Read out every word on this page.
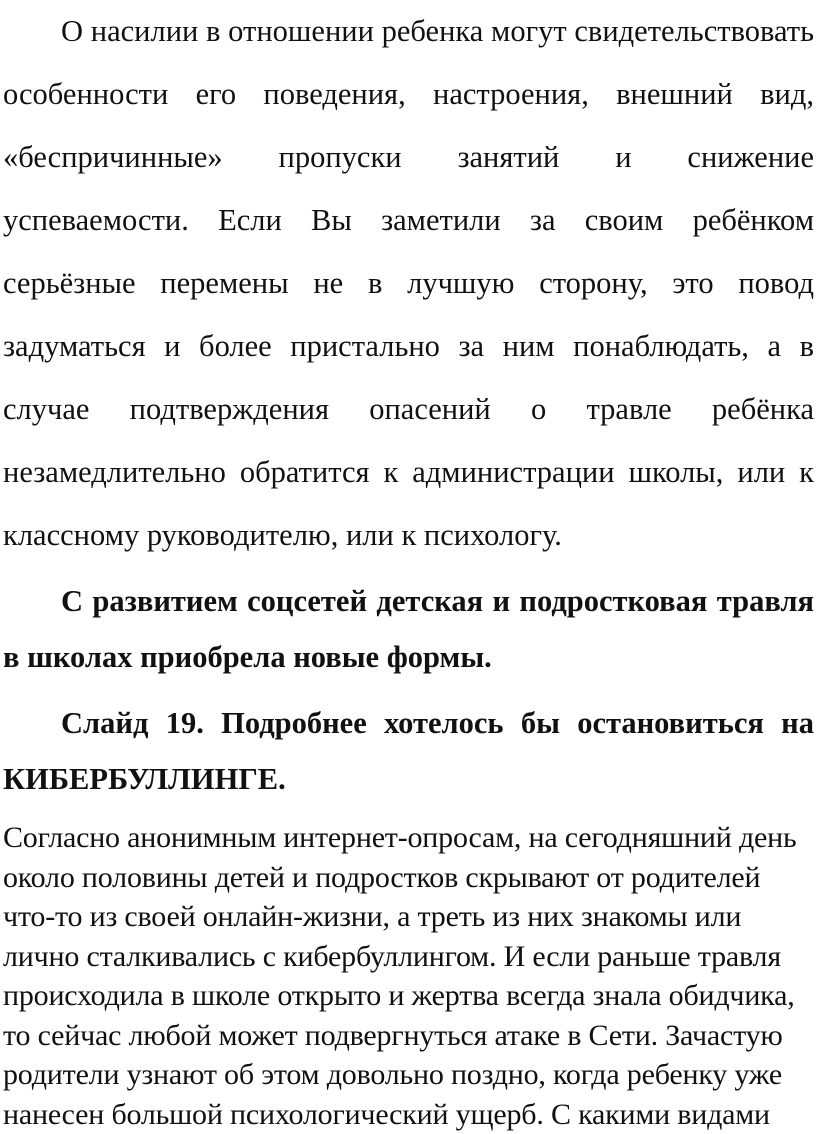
О насилии в отношении ребенка могут свидетельствовать особенности его поведения, настроения, внешний вид, «беспричинные» пропуски занятий и снижение успеваемости. Если Вы заметили за своим ребёнком серьёзные перемены не в лучшую сторону, это повод задуматься и более пристально за ним понаблюдать, а в случае подтверждения опасений о травле ребёнка незамедлительно обратится к администрации школы, или к классному руководителю, или к психологу.

С развитием соцсетей детская и подростковая травля в школах приобрела новые формы.

Слайд 19. Подробнее хотелось бы остановиться на КИБЕРБУЛЛИНГЕ.

Согласно анонимным интернет-опросам, на сегодняшний день около половины детей и подростков скрывают от родителей что-то из своей онлайн-жизни, а треть из них знакомы или лично сталкивались с кибербуллингом. И если раньше травля происходила в школе открыто и жертва всегда знала обидчика, то сейчас любой может подвергнуться атаке в Сети. Зачастую родители узнают об этом довольно поздно, когда ребенку уже нанесен большой психологический ущерб. С какими видами
